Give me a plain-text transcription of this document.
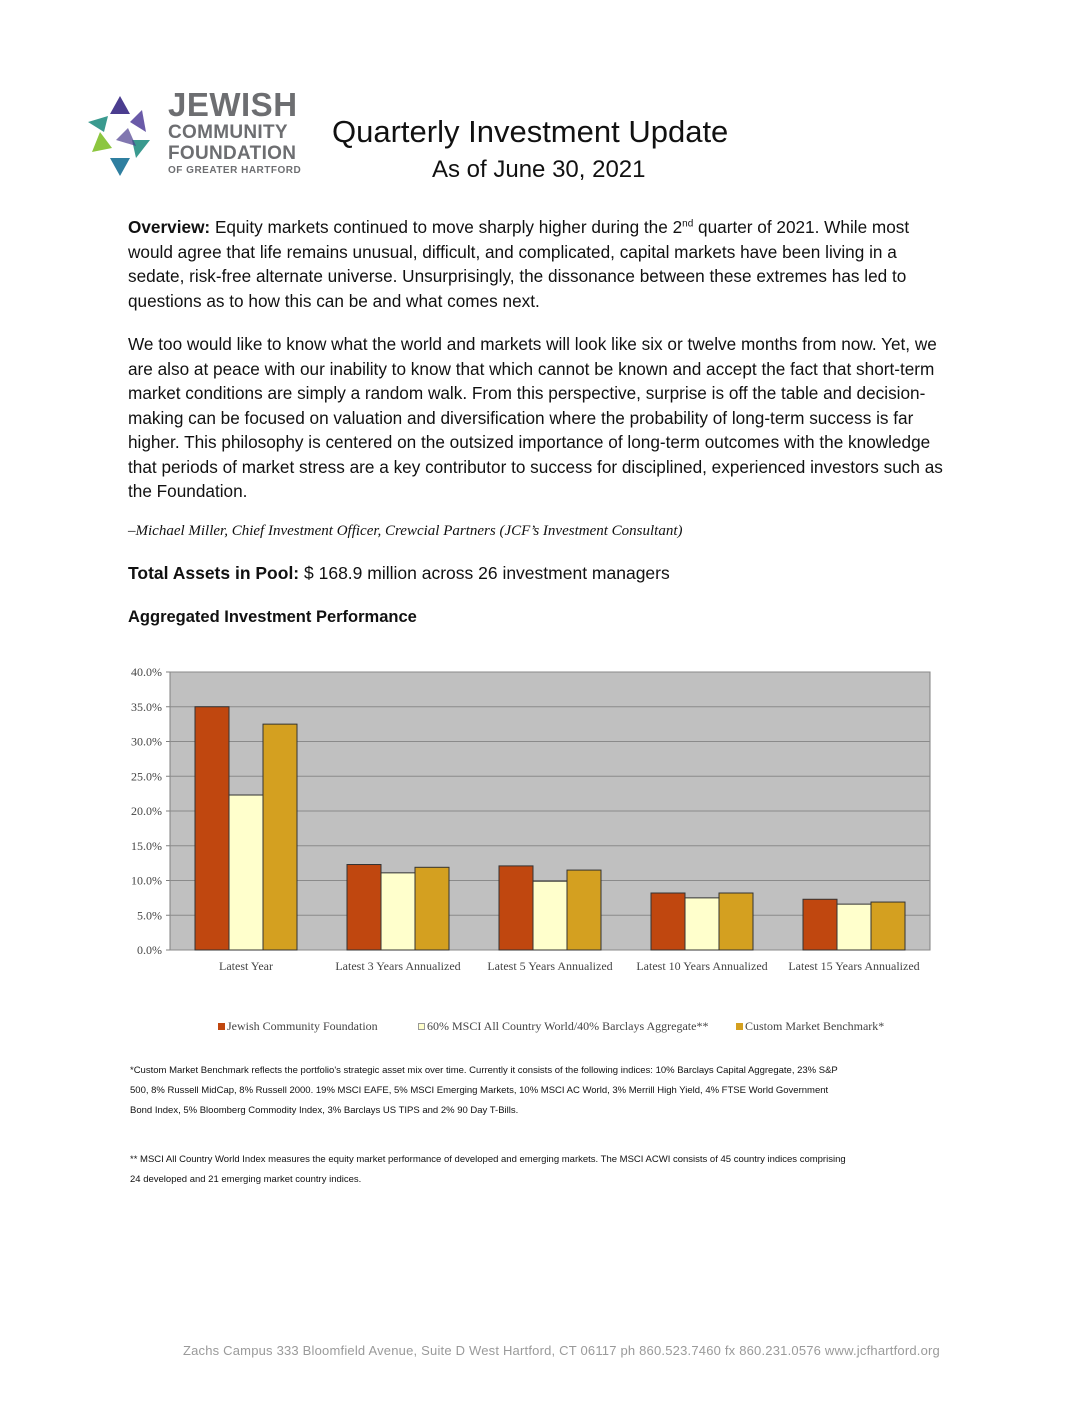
JEWISH
COMMUNITY
FOUNDATION
OF GREATER HARTFORD
Quarterly Investment Update
As of June 30, 2021
Overview: Equity markets continued to move sharply higher during the 2nd quarter of 2021. While most would agree that life remains unusual, difficult, and complicated, capital markets have been living in a sedate, risk-free alternate universe. Unsurprisingly, the dissonance between these extremes has led to questions as to how this can be and what comes next.
We too would like to know what the world and markets will look like six or twelve months from now. Yet, we are also at peace with our inability to know that which cannot be known and accept the fact that short-term market conditions are simply a random walk. From this perspective, surprise is off the table and decision-making can be focused on valuation and diversification where the probability of long-term success is far higher. This philosophy is centered on the outsized importance of long-term outcomes with the knowledge that periods of market stress are a key contributor to success for disciplined, experienced investors such as the Foundation.
–Michael Miller, Chief Investment Officer, Crewcial Partners (JCF’s Investment Consultant)
Total Assets in Pool: $ 168.9 million across 26 investment managers
Aggregated Investment Performance
0.0%
5.0%
10.0%
15.0%
20.0%
25.0%
30.0%
35.0%
40.0%
Latest Year	Latest 3 Years Annualized Latest 5 Years Annualized Latest 10 Years Annualized Latest 15 Years Annualized
Jewish Community Foundation	60% MSCI All Country World/40% Barclays Aggregate**	Custom Market Benchmark*
*Custom Market Benchmark reflects the portfolio's strategic asset mix over time. Currently it consists of the following indices: 10% Barclays Capital Aggregate, 23% S&P 500, 8% Russell MidCap, 8% Russell 2000. 19% MSCI EAFE, 5% MSCI Emerging Markets, 10% MSCI AC World, 3% Merrill High Yield, 4% FTSE World Government Bond Index, 5% Bloomberg Commodity Index, 3% Barclays US TIPS and 2% 90 Day T-Bills.
** MSCI All Country World Index measures the equity market performance of developed and emerging markets. The MSCI ACWI consists of 45 country indices comprising 24 developed and 21 emerging market country indices.
Zachs Campus 333 Bloomfield Avenue, Suite D West Hartford, CT 06117 ph 860.523.7460 fx 860.231.0576 www.jcfhartford.org
